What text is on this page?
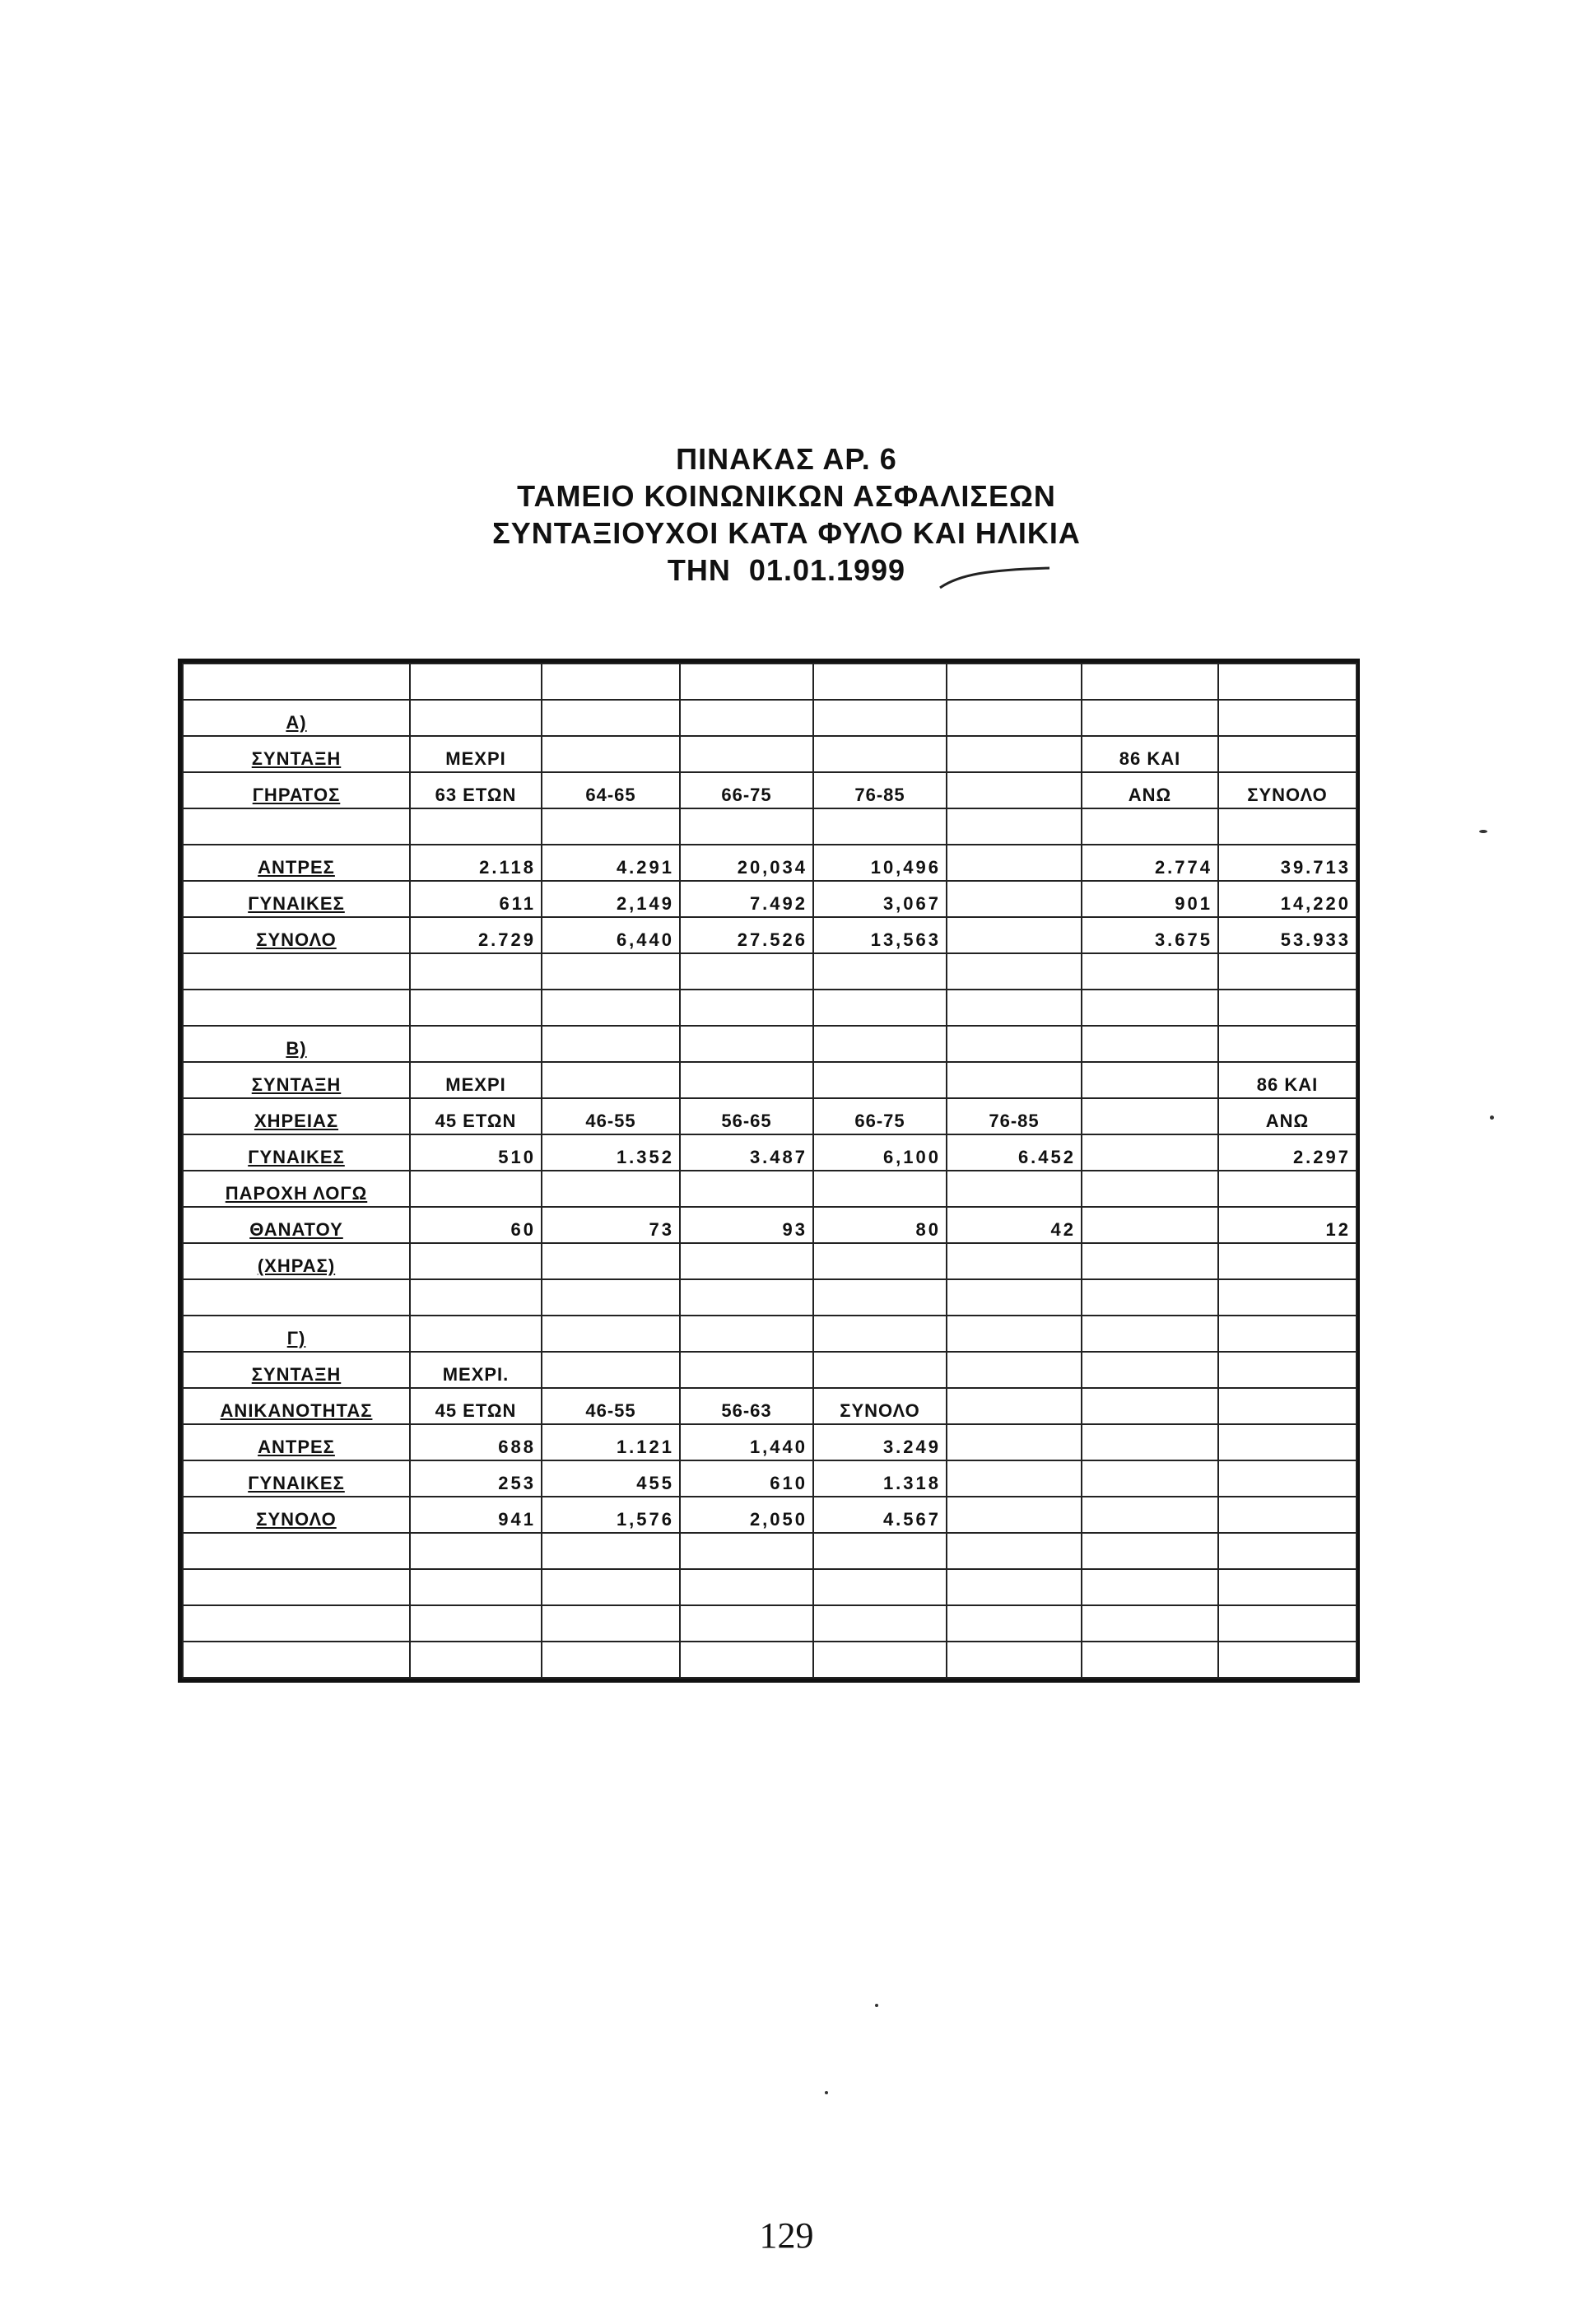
ΠΙΝΑΚΑΣ ΑΡ. 6
ΤΑΜΕΙΟ ΚΟΙΝΩΝΙΚΩΝ ΑΣΦΑΛΙΣΕΩΝ
ΣΥΝΤΑΞΙΟΥΧΟΙ ΚΑΤΑ ΦΥΛΟ ΚΑΙ ΗΛΙΚΙΑ
ΤΗΝ  01.01.1999

Α)								
ΣΥΝΤΑΞΗ	ΜΕΧΡΙ					86 ΚΑΙ		
ΓΗΡΑΤΟΣ	63 ΕΤΩΝ	64-65	66-75	76-85		ΑΝΩ	ΣΥΝΟΛΟ	

ΑΝΤΡΕΣ	2.118	4.291	20,034	10,496		2.774	39.713	
ΓΥΝΑΙΚΕΣ	611	2,149	7.492	3,067		901	14,220	
ΣΥΝΟΛΟ	2.729	6,440	27.526	13,563		3.675	53.933	

Β)								
ΣΥΝΤΑΞΗ	ΜΕΧΡΙ						86 ΚΑΙ	
ΧΗΡΕΙΑΣ	45 ΕΤΩΝ	46-55	56-65	66-75	76-85		ΑΝΩ	
ΓΥΝΑΙΚΕΣ	510	1.352	3.487	6,100	6.452		2.297	
ΠΑΡΟΧΗ ΛΟΓΩ								
ΘΑΝΑΤΟΥ	60	73	93	80	42		12	
(ΧΗΡΑΣ)								

Γ)								
ΣΥΝΤΑΞΗ	ΜΕΧΡΙ.							
ΑΝΙΚΑΝΟΤΗΤΑΣ	45 ΕΤΩΝ	46-55	56-63	ΣΥΝΟΛΟ				
ΑΝΤΡΕΣ	688	1.121	1,440	3.249				
ΓΥΝΑΙΚΕΣ	253	455	610	1.318				
ΣΥΝΟΛΟ	941	1,576	2,050	4.567				

129
